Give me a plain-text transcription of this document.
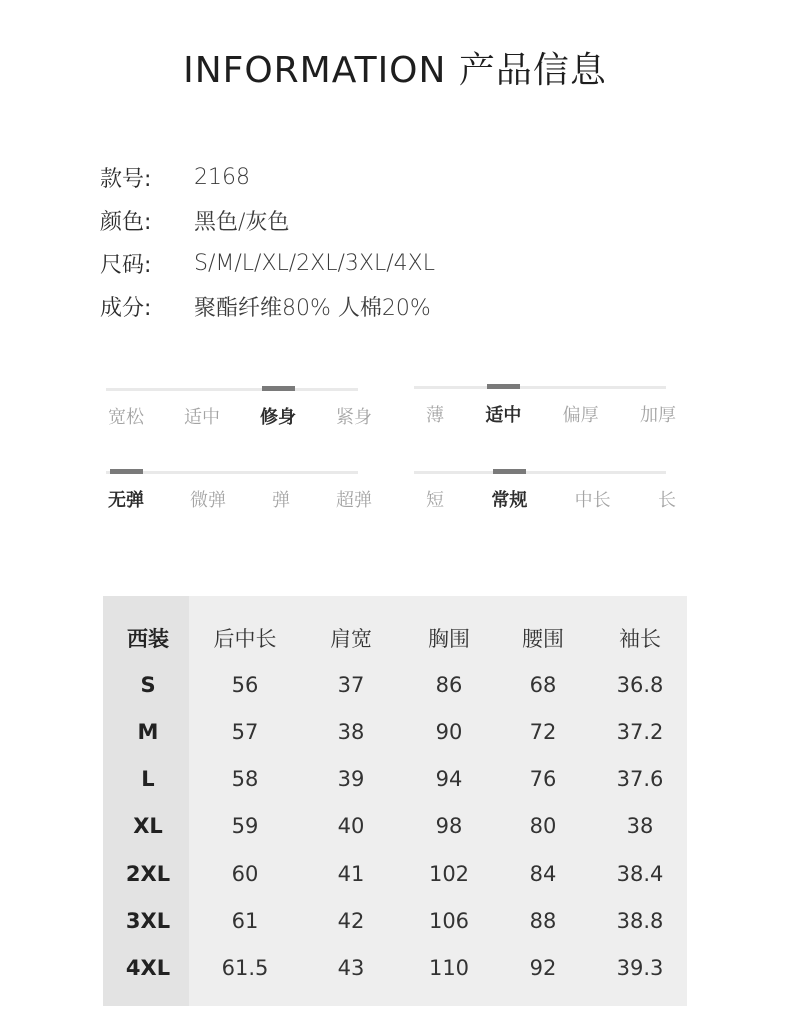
INFORMATION 产品信息
款号:	2168
颜色:	黑色/灰色
尺码:	S/M/L/XL/2XL/3XL/4XL
成分:	聚酯纤维80% 人棉20%
宽松 适中 修身 紧身	薄 适中 偏厚 加厚
无弹	微弹	弹	超弹	短	常规	中长	长
西装	后中长	肩宽	胸围	腰围	袖长
S	56	37	86	68	36.8
M	57	38	90	72	37.2
L	58	39	94	76	37.6
XL	59	40	98	80	38
2XL	60	41	102	84	38.4
3XL	61	42	106	88	38.8
4XL	61.5	43	110	92	39.3
